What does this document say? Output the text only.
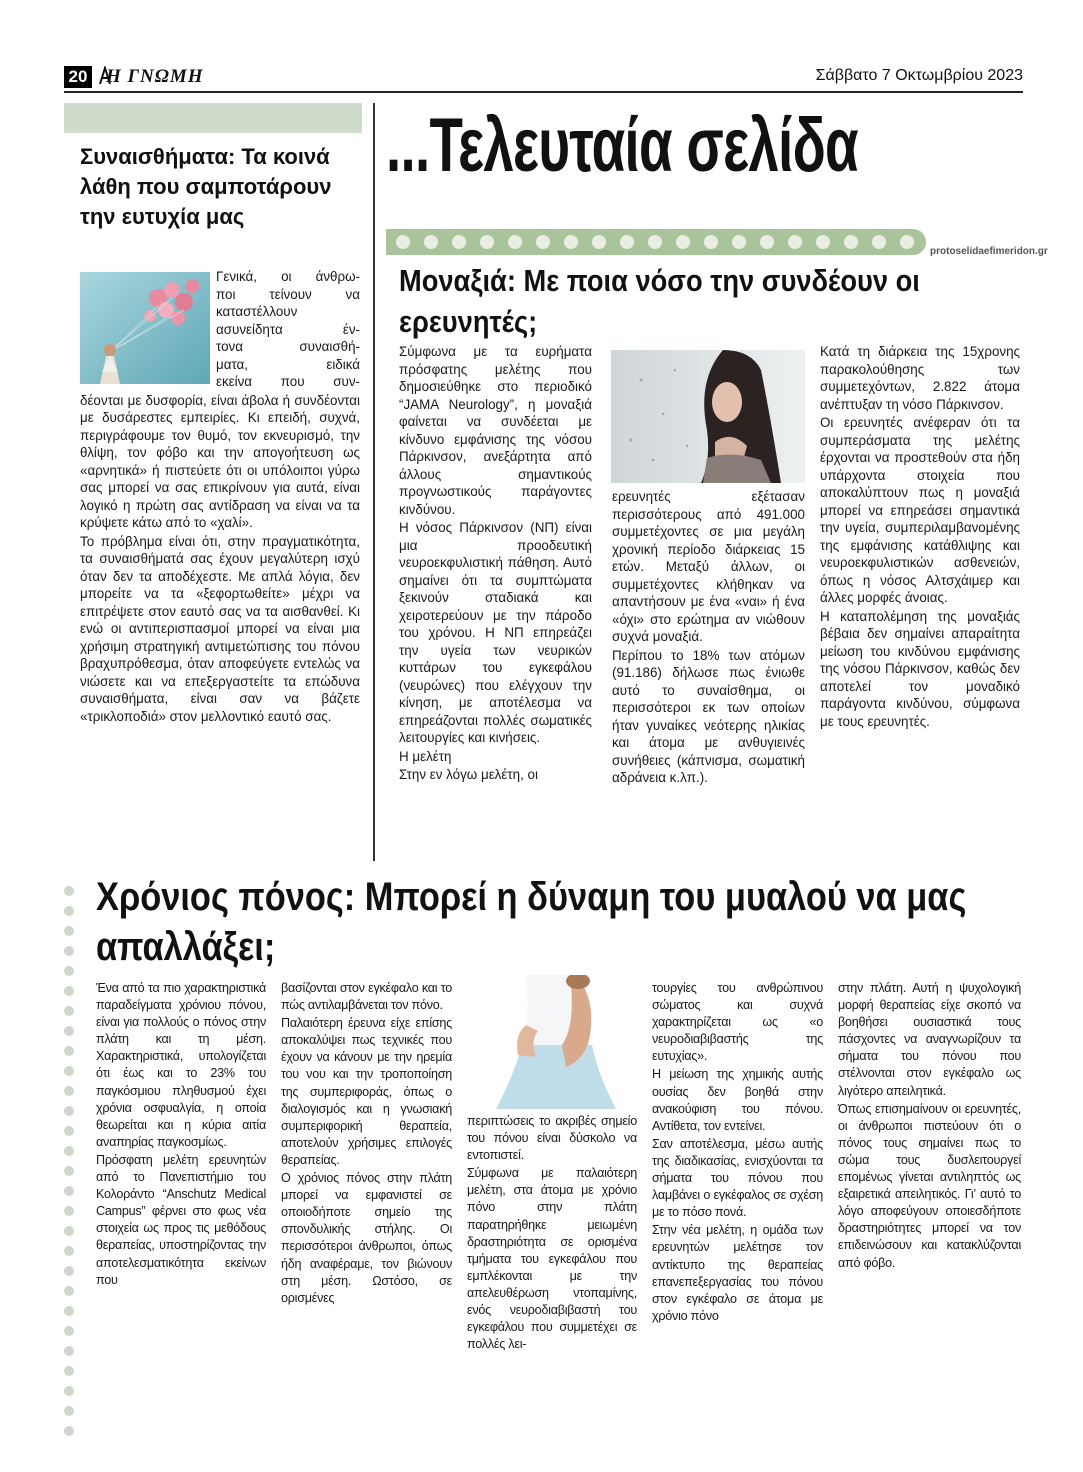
20 Η ΓΝΩΜΗ	Σάββατο 7 Οκτωμβρίου 2023
...Τελευταία σελίδα
Συναισθήματα: Τα κοινά λάθη που σαμποτάρουν την ευτυχία μας

Γενικά, οι άνθρω-
ποι τείνουν να
καταστέλλουν
ασυνείδητα έν-
τονα συναισθή-
ματα, ειδικά
εκείνα που συν-

δέονται με δυσφορία, είναι άβολα ή συνδέονται με δυσάρεστες εμπειρίες. Κι επειδή, συχνά, περιγράφουμε τον θυμό, τον εκνευρισμό, την θλίψη, τον φόβο και την απογοήτευση ως «αρνητικά» ή πιστεύετε ότι οι υπόλοιποι γύρω σας μπορεί να σας επικρίνουν για αυτά, είναι λογικό η πρώτη σας αντίδραση να είναι να τα κρύψετε κάτω από το «χαλί».

Το πρόβλημα είναι ότι, στην πραγματικότητα, τα συναισθήματά σας έχουν μεγαλύτερη ισχύ όταν δεν τα αποδέχεστε. Με απλά λόγια, δεν μπορείτε να τα «ξεφορτωθείτε» μέχρι να επιτρέψετε στον εαυτό σας να τα αισθανθεί. Κι ενώ οι αντιπερισπασμοί μπορεί να είναι μια χρήσιμη στρατηγική αντιμετώπισης του πόνου βραχυπρόθεσμα, όταν αποφεύγετε εντελώς να νιώσετε και να επεξεργαστείτε τα επώδυνα συναισθήματα, είναι σαν να βάζετε «τρικλοποδιά» στον μελλοντικό εαυτό σας.

protoselidaefimeridon.gr
Μοναξιά: Με ποια νόσο την συνδέουν οι ερευνητές;

Σύμφωνα με τα ευρήματα πρόσφατης μελέτης που δημοσιεύθηκε στο περιοδικό “JAMA Neurology”, η μοναξιά φαίνεται να συνδέεται με κίνδυνο εμφάνισης της νόσου Πάρκινσον, ανεξάρτητα από άλλους σημαντικούς προγνωστικούς παράγοντες κινδύνου.

Η νόσος Πάρκινσον (ΝΠ) είναι μια προοδευτική νευροεκφυλιστική πάθηση. Αυτό σημαίνει ότι τα συμπτώματα ξεκινούν σταδιακά και χειροτερεύουν με την πάροδο του χρόνου. Η ΝΠ επηρεάζει την υγεία των νευρικών κυττάρων του εγκεφάλου (νευρώνες) που ελέγχουν την κίνηση, με αποτέλεσμα να επηρεάζονται πολλές σωματικές λειτουργίες και κινήσεις.

Η μελέτη

Στην εν λόγω μελέτη, οι

ερευνητές εξέτασαν περισσότερους από 491.000 συμμετέχοντες σε μια μεγάλη χρονική περίοδο διάρκειας 15 ετών. Μεταξύ άλλων, οι συμμετέχοντες κλήθηκαν να απαντήσουν με ένα «ναι» ή ένα «όχι» στο ερώτημα αν νιώθουν συχνά μοναξιά.

Περίπου το 18% των ατόμων (91.186) δήλωσε πως ένιωθε αυτό το συναίσθημα, οι περισσότεροι εκ των οποίων ήταν γυναίκες νεότερης ηλικίας και άτομα με ανθυγιεινές συνήθειες (κάπνισμα, σωματική αδράνεια κ.λπ.).

Κατά τη διάρκεια της 15χρονης παρακολούθησης των συμμετεχόντων, 2.822 άτομα ανέπτυξαν τη νόσο Πάρκινσον.

Οι ερευνητές ανέφεραν ότι τα συμπεράσματα της μελέτης έρχονται να προστεθούν στα ήδη υπάρχοντα στοιχεία που αποκαλύπτουν πως η μοναξιά μπορεί να επηρεάσει σημαντικά την υγεία, συμπεριλαμβανομένης της εμφάνισης κατάθλιψης και νευροεκφυλιστικών ασθενειών, όπως η νόσος Αλτσχάιμερ και άλλες μορφές άνοιας.

Η καταπολέμηση της μοναξιάς βέβαια δεν σημαίνει απαραίτητα μείωση του κινδύνου εμφάνισης της νόσου Πάρκινσον, καθώς δεν αποτελεί τον μοναδικό παράγοντα κινδύνου, σύμφωνα με τους ερευνητές.

Χρόνιος πόνος: Μπορεί η δύναμη του μυαλού να μας απαλλάξει;

Ένα από τα πιο χαρακτηριστικά παραδείγματα χρόνιου πόνου, είναι για πολλούς ο πόνος στην πλάτη και τη μέση. Χαρακτηριστικά, υπολογίζεται ότι έως και το 23% του παγκόσμιου πληθυσμού έχει χρόνια οσφυαλγία, η οποία θεωρείται και η κύρια αιτία αναπηρίας παγκοσμίως.

Πρόσφατη μελέτη ερευνητών από το Πανεπιστήμιο του Κολοράντο “Anschutz Medical Campus” φέρνει στο φως νέα στοιχεία ως προς τις μεθόδους θεραπείας, υποστηρίζοντας την αποτελεσματικότητα εκείνων που

βασίζονται στον εγκέφαλο και το πώς αντιλαμβάνεται τον πόνο.

Παλαιότερη έρευνα είχε επίσης αποκαλύψει πως τεχνικές που έχουν να κάνουν με την ηρεμία του νου και την τροποποίηση της συμπεριφοράς, όπως ο διαλογισμός και η γνωσιακή συμπεριφορική θεραπεία, αποτελούν χρήσιμες επιλογές θεραπείας.

Ο χρόνιος πόνος στην πλάτη μπορεί να εμφανιστεί σε οποιοδήποτε σημείο της σπονδυλικής στήλης. Οι περισσότεροι άνθρωποι, όπως ήδη αναφέραμε, τον βιώνουν στη μέση. Ωστόσο, σε ορισμένες

περιπτώσεις το ακριβές σημείο του πόνου είναι δύσκολο να εντοπιστεί.

Σύμφωνα με παλαιότερη μελέτη, στα άτομα με χρόνιο πόνο στην πλάτη παρατηρήθηκε μειωμένη δραστηριότητα σε ορισμένα τμήματα του εγκεφάλου που εμπλέκονται με την απελευθέρωση ντοπαμίνης, ενός νευροδιαβιβαστή του εγκεφάλου που συμμετέχει σε πολλές λει-

τουργίες του ανθρώπινου σώματος και συχνά χαρακτηρίζεται ως «ο νευροδιαβιβαστής της ευτυχίας».

Η μείωση της χημικής αυτής ουσίας δεν βοηθά στην ανακούφιση του πόνου. Αντίθετα, τον εντείνει.

Σαν αποτέλεσμα, μέσω αυτής της διαδικασίας, ενισχύονται τα σήματα του πόνου που λαμβάνει ο εγκέφαλος σε σχέση με το πόσο πονά.

Στην νέα μελέτη, η ομάδα των ερευνητών μελέτησε τον αντίκτυπο της θεραπείας επανεπεξεργασίας του πόνου στον εγκέφαλο σε άτομα με χρόνιο πόνο

στην πλάτη. Αυτή η ψυχολογική μορφή θεραπείας είχε σκοπό να βοηθήσει ουσιαστικά τους πάσχοντες να αναγνωρίζουν τα σήματα του πόνου που στέλνονται στον εγκέφαλο ως λιγότερο απειλητικά.

Όπως επισημαίνουν οι ερευνητές, οι άνθρωποι πιστεύουν ότι ο πόνος τους σημαίνει πως το σώμα τους δυσλειτουργεί επομένως γίνεται αντιληπτός ως εξαιρετικά απειλητικός. Γι’ αυτό το λόγο αποφεύγουν οποιεσδήποτε δραστηριότητες μπορεί να τον επιδεινώσουν και κατακλύζονται από φόβο.
